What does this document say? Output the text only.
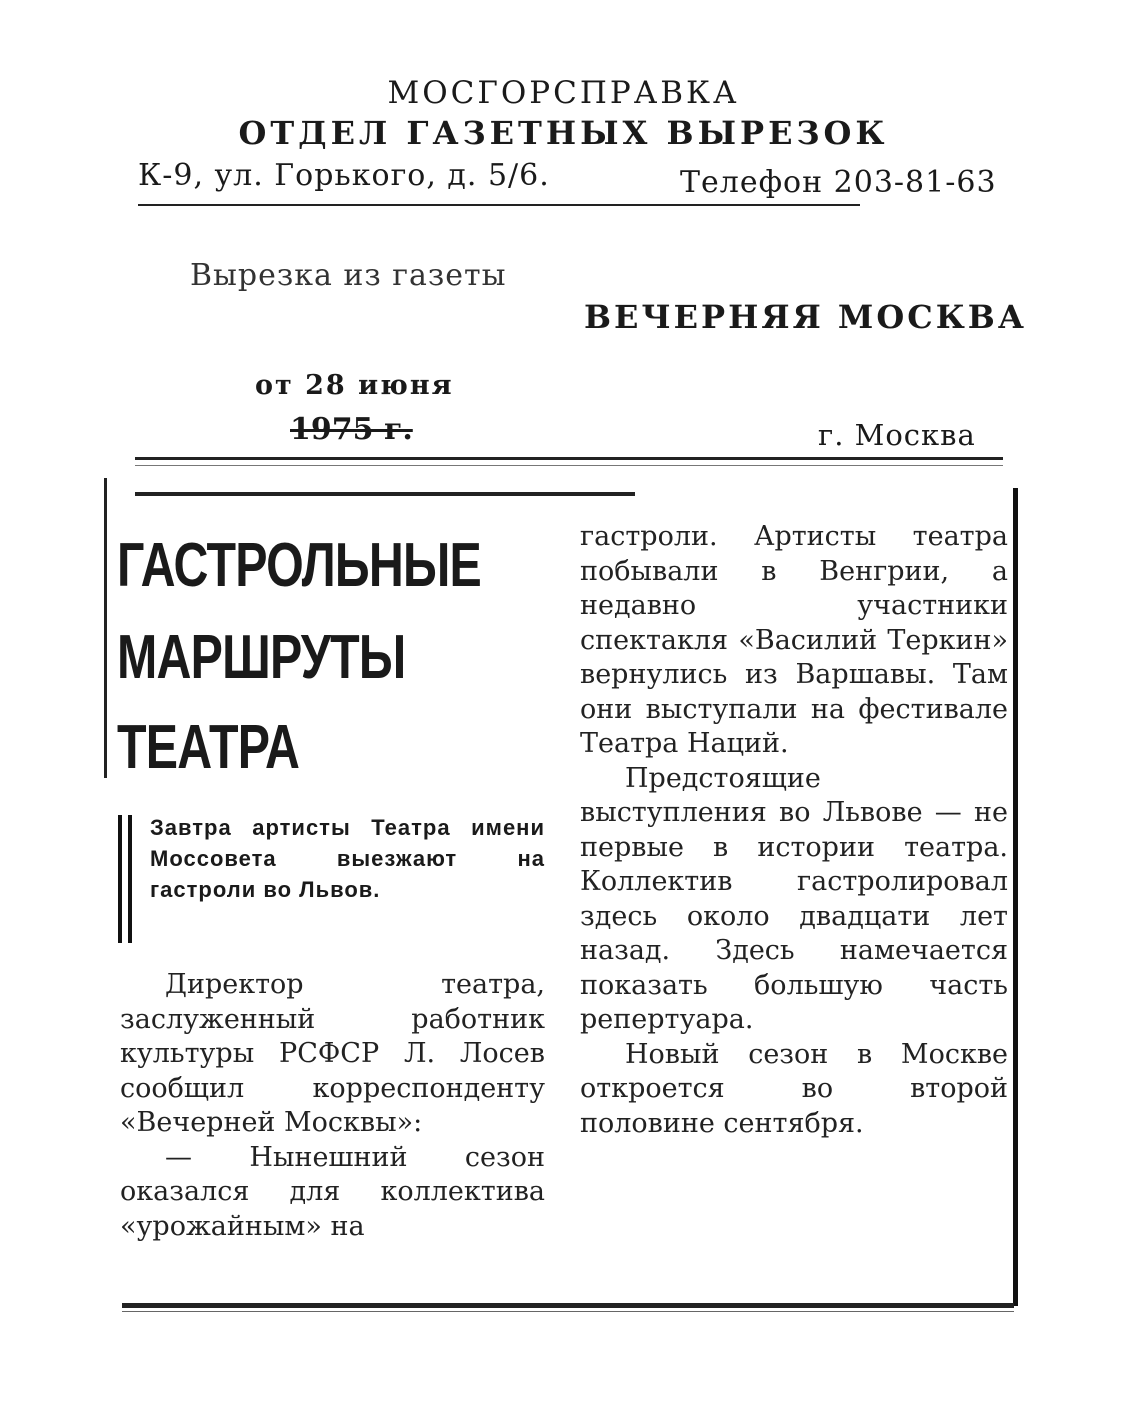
МОСГОРСПРАВКА
ОТДЕЛ ГАЗЕТНЫХ ВЫРЕЗОК
К-9, ул. Горького, д. 5/6.	Телефон 203-81-63
Вырезка из газеты
ВЕЧЕРНЯЯ МОСКВА
от 28 июня
1975 г.	г. Москва
ГАСТРОЛЬНЫЕ
МАРШРУТЫ
ТЕАТРА
Завтра артисты Театра имени Моссовета выезжают на гастроли во Львов.

Директор театра, заслуженный работник культуры РСФСР Л. Лосев сообщил корреспонденту «Вечерней Москвы»:

— Нынешний сезон оказался для коллектива «урожайным» на

гастроли. Артисты театра побывали в Венгрии, а недавно участники спектакля «Василий Теркин» вернулись из Варшавы. Там они выступали на фестивале Театра Наций.

Предстоящие выступления во Львове — не первые в истории театра. Коллектив гастролировал здесь около двадцати лет назад. Здесь намечается показать большую часть репертуара.

Новый сезон в Москве откроется во второй половине сентября.
